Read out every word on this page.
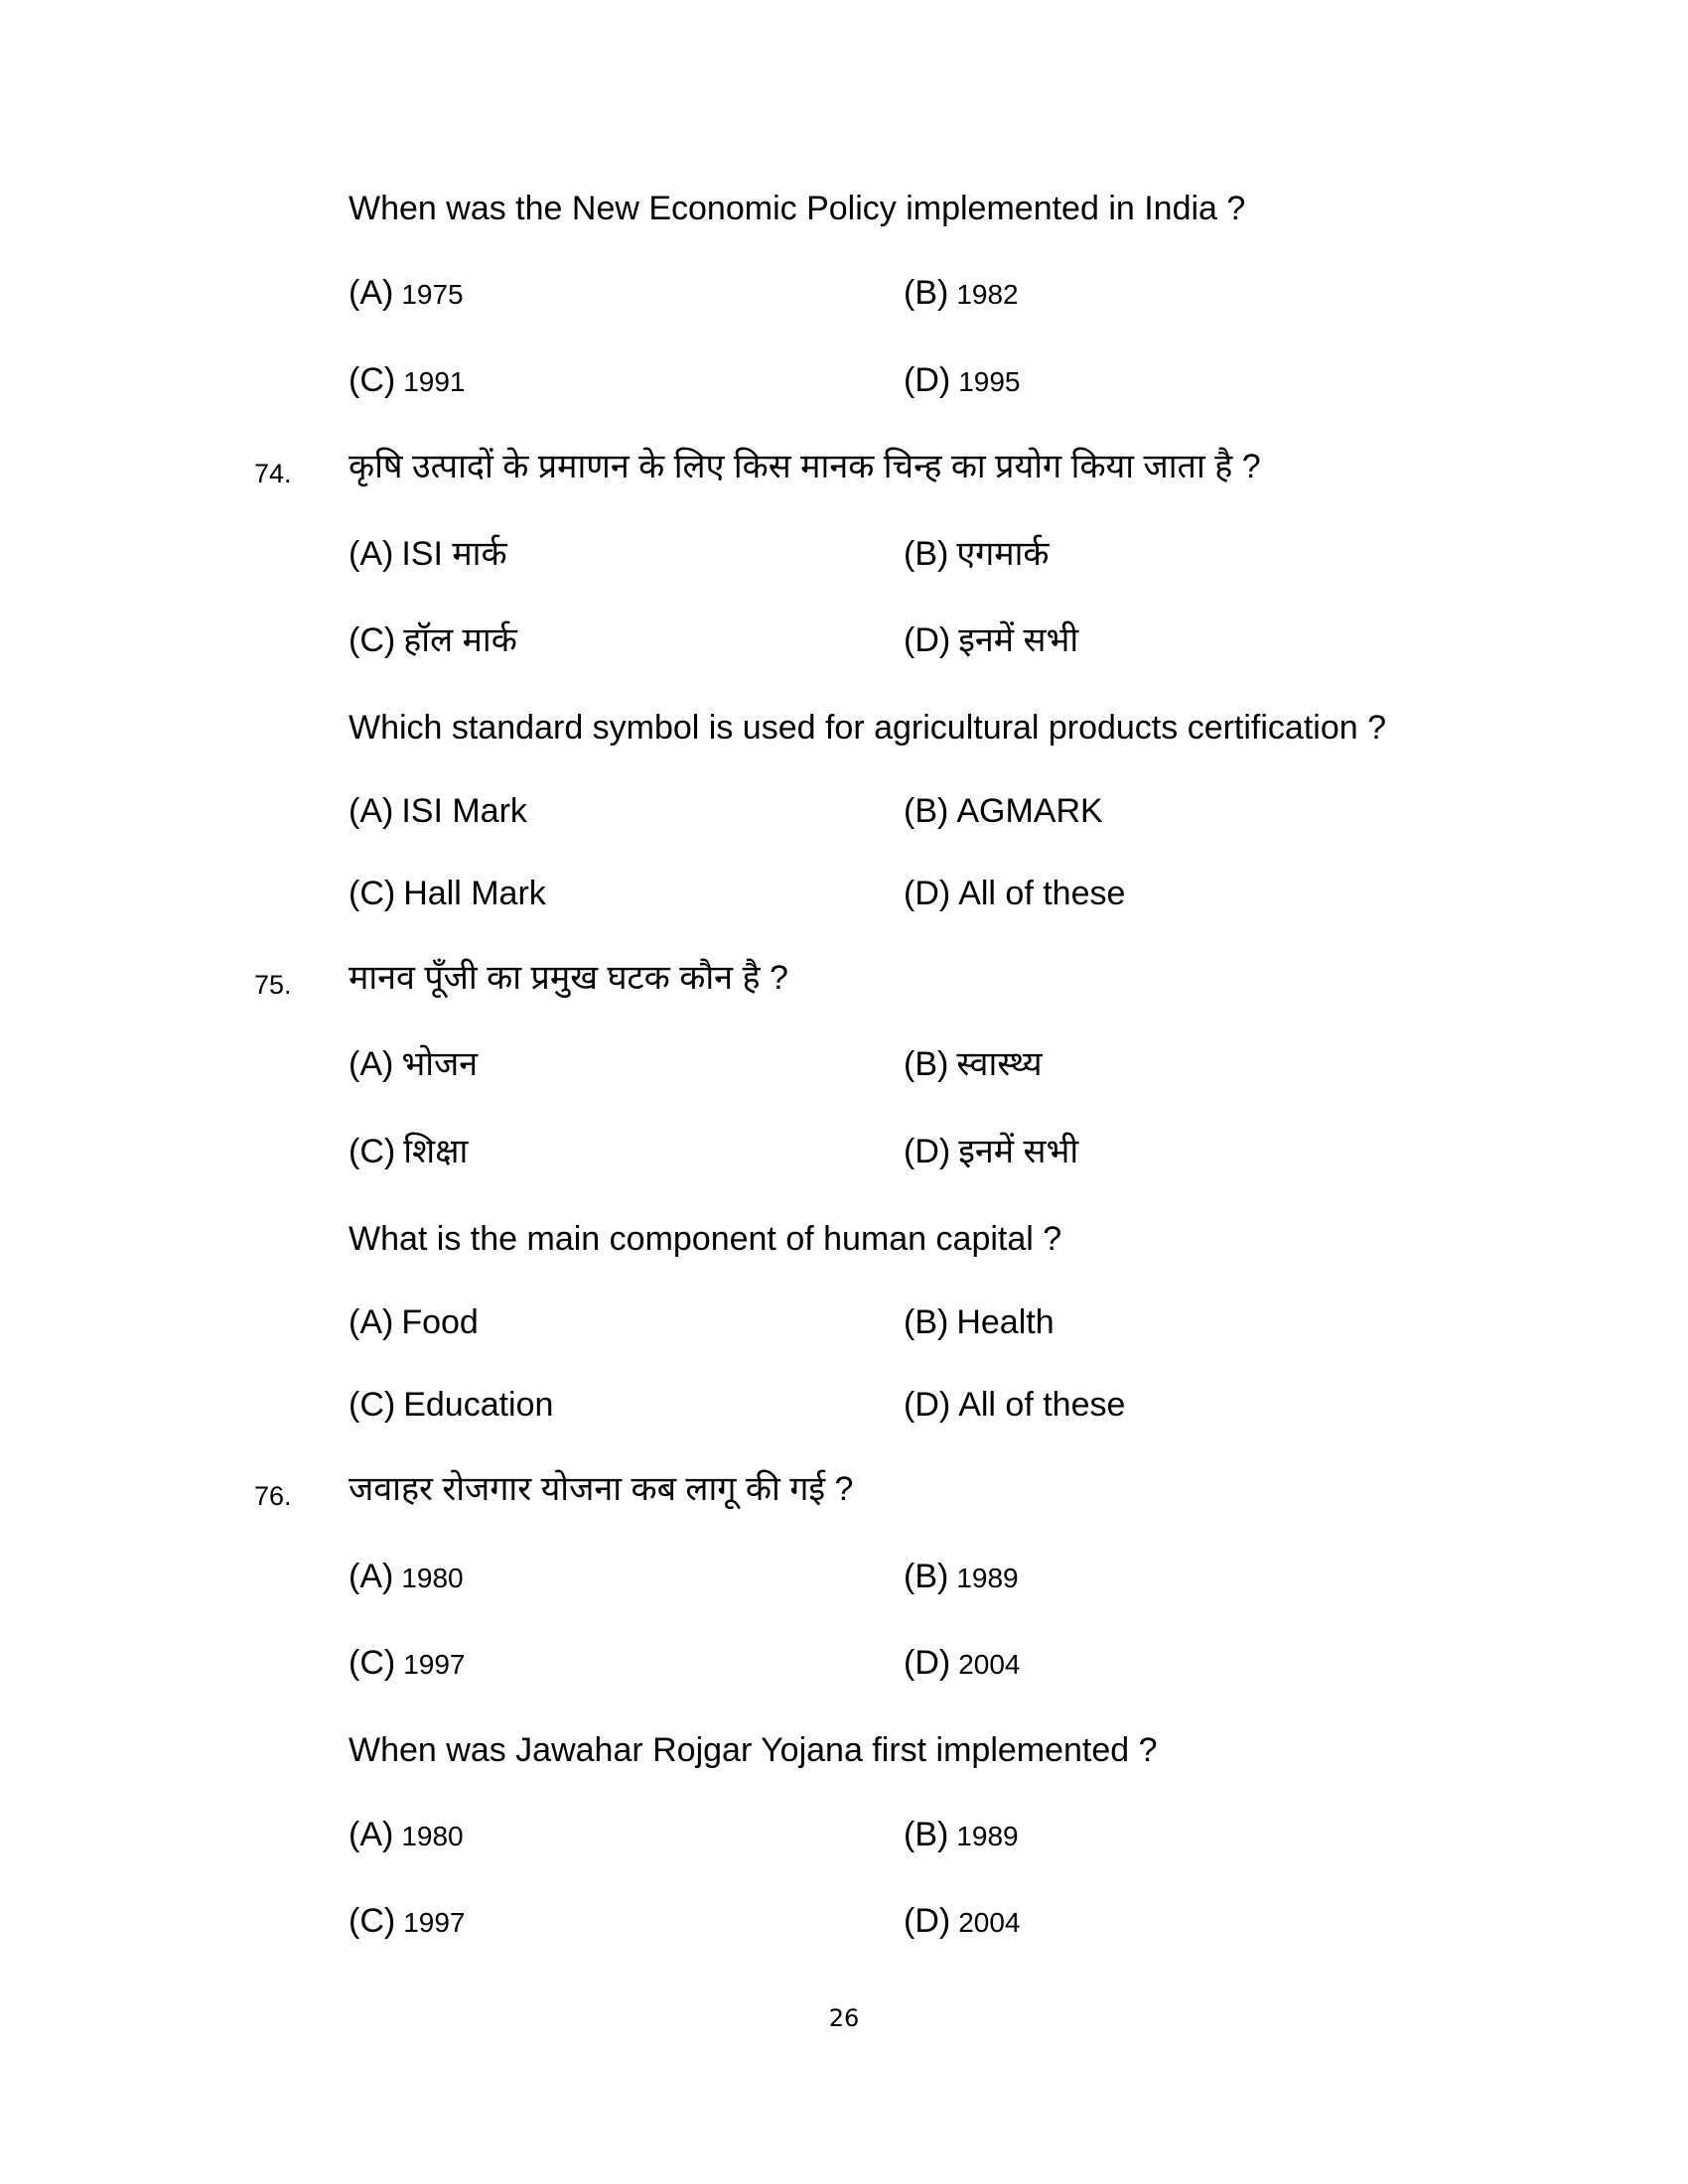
When was the New Economic Policy implemented in India ?
(A) 1975	(B) 1982
(C) 1991	(D) 1995
74. कृषि उत्पादों के प्रमाणन के लिए किस मानक चिन्ह का प्रयोग किया जाता है ?
(A) ISI मार्क	(B) एगमार्क
(C) हॉल मार्क	(D) इनमें सभी
Which standard symbol is used for agricultural products certification ?
(A) ISI Mark	(B) AGMARK
(C) Hall Mark	(D) All of these
75. मानव पूँजी का प्रमुख घटक कौन है ?
(A) भोजन	(B) स्वास्थ्य
(C) शिक्षा	(D) इनमें सभी
What is the main component of human capital ?
(A) Food	(B) Health
(C) Education	(D) All of these
76. जवाहर रोजगार योजना कब लागू की गई ?
(A) 1980	(B) 1989
(C) 1997	(D) 2004
When was Jawahar Rojgar Yojana first implemented ?
(A) 1980	(B) 1989
(C) 1997	(D) 2004
26
